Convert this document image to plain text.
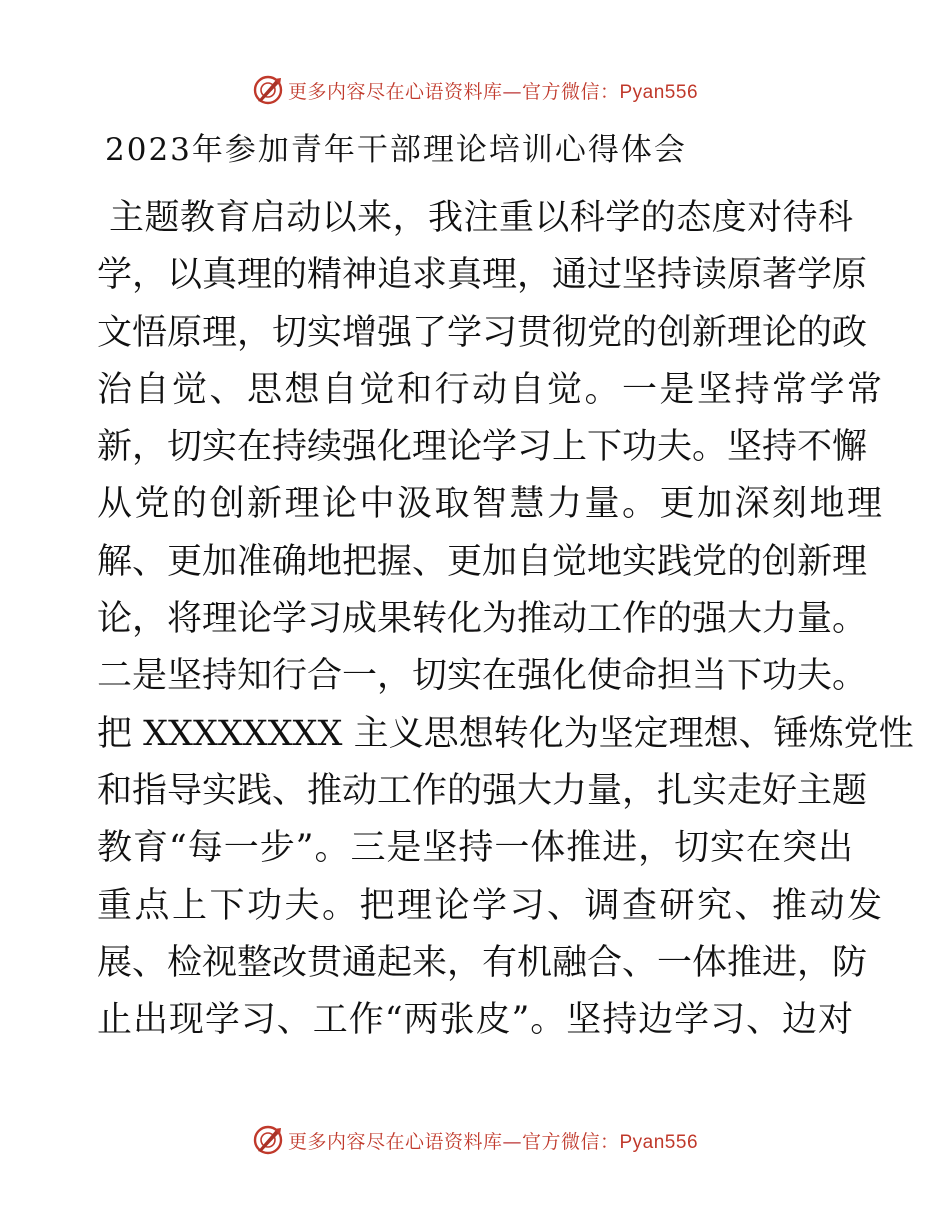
更多内容尽在心语资料库—官方微信：Pyan556
2023年参加青年干部理论培训心得体会
主题教育启动以来，我注重以科学的态度对待科
学，以真理的精神追求真理，通过坚持读原著学原
文悟原理，切实增强了学习贯彻党的创新理论的政
治自觉、思想自觉和行动自觉。一是坚持常学常
新，切实在持续强化理论学习上下功夫。坚持不懈
从党的创新理论中汲取智慧力量。更加深刻地理
解、更加准确地把握、更加自觉地实践党的创新理
论，将理论学习成果转化为推动工作的强大力量。
二是坚持知行合一，切实在强化使命担当下功夫。
把 XXXXXXXX 主义思想转化为坚定理想、锤炼党性
和指导实践、推动工作的强大力量，扎实走好主题
教育“每一步”。三是坚持一体推进，切实在突出
重点上下功夫。把理论学习、调查研究、推动发
展、检视整改贯通起来，有机融合、一体推进，防
止出现学习、工作“两张皮”。坚持边学习、边对
更多内容尽在心语资料库—官方微信：Pyan556
